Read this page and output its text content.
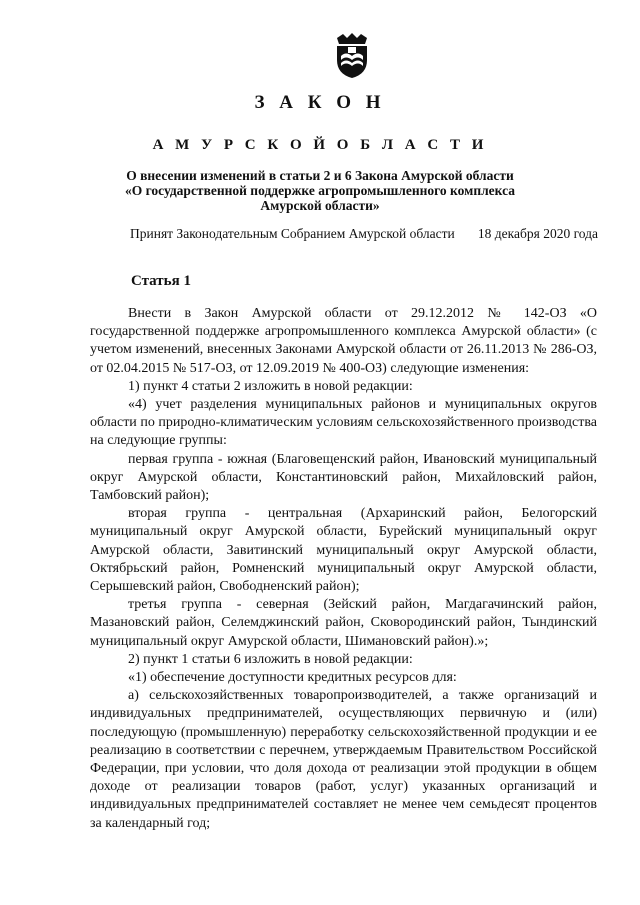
З А К О Н
А М У Р С К О Й О Б Л А С Т И
О внесении изменений в статьи 2 и 6 Закона Амурской области
«О государственной поддержке агропромышленного комплекса
Амурской области»
Принят Законодательным Собранием Амурской области 18 декабря 2020 года
Статья 1

Внести в Закон Амурской области от 29.12.2012 № 142-ОЗ «О государственной поддержке агропромышленного комплекса Амурской области» (с учетом изменений, внесенных Законами Амурской области от 26.11.2013 № 286-ОЗ, от 02.04.2015 № 517-ОЗ, от 12.09.2019 № 400-ОЗ) следующие изменения:

1) пункт 4 статьи 2 изложить в новой редакции:

«4) учет разделения муниципальных районов и муниципальных округов области по природно-климатическим условиям сельскохозяйственного производства на следующие группы:

первая группа - южная (Благовещенский район, Ивановский муниципальный округ Амурской области, Константиновский район, Михайловский район, Тамбовский район);

вторая группа - центральная (Архаринский район, Белогорский муниципальный округ Амурской области, Бурейский муниципальный округ Амурской области, Завитинский муниципальный округ Амурской области, Октябрьский район, Ромненский муниципальный округ Амурской области, Серышевский район, Свободненский район);

третья группа - северная (Зейский район, Магдагачинский район, Мазановский район, Селемджинский район, Сковородинский район, Тындинский муниципальный округ Амурской области, Шимановский район).»;

2) пункт 1 статьи 6 изложить в новой редакции:

«1) обеспечение доступности кредитных ресурсов для:

а) сельскохозяйственных товаропроизводителей, а также организаций и индивидуальных предпринимателей, осуществляющих первичную и (или) последующую (промышленную) переработку сельскохозяйственной продукции и ее реализацию в соответствии с перечнем, утверждаемым Правительством Российской Федерации, при условии, что доля дохода от реализации этой продукции в общем доходе от реализации товаров (работ, услуг) указанных организаций и индивидуальных предпринимателей составляет не менее чем семьдесят процентов за календарный год;
